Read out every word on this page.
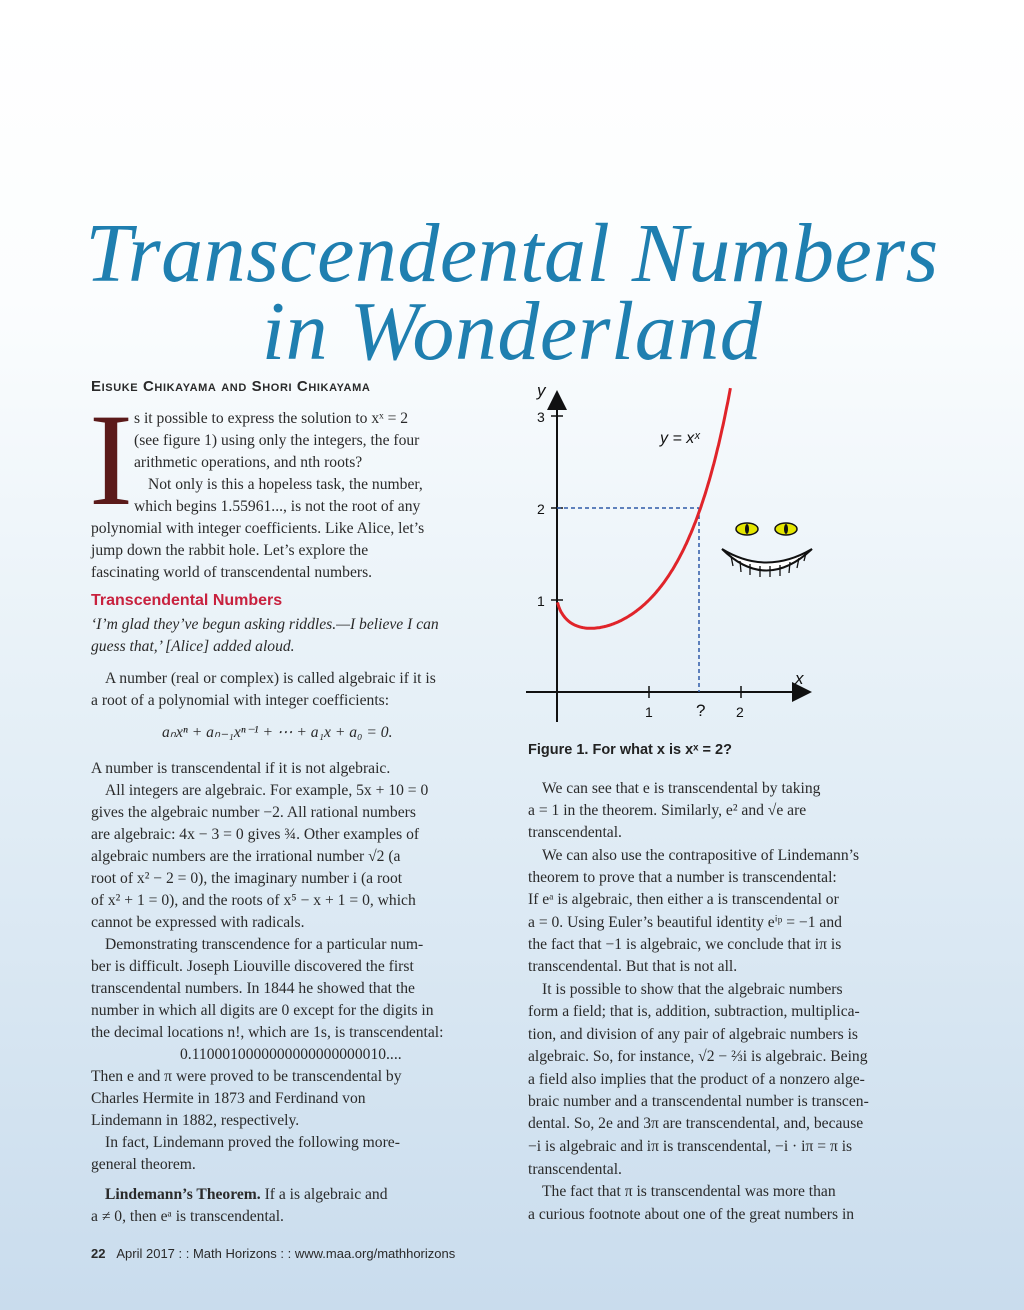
Transcendental Numbers
in Wonderland
Eisuke Chikayama and Shori Chikayama
I s it possible to express the solution to xˣ = 2
(see figure 1) using only the integers, the four
arithmetic operations, and nth roots?
Not only is this a hopeless task, the number,
which begins 1.55961..., is not the root of any
polynomial with integer coefficients. Like Alice, let’s
jump down the rabbit hole. Let’s explore the
fascinating world of transcendental numbers.
Transcendental Numbers
‘I’m glad they’ve begun asking riddles.—I believe I can
guess that,’ [Alice] added aloud.
A number (real or complex) is called algebraic if it is
a root of a polynomial with integer coefficients:
aₙxⁿ + aₙ₋₁xⁿ⁻¹ + ⋯ + a₁x + a₀ = 0.
A number is transcendental if it is not algebraic.
All integers are algebraic. For example, 5x + 10 = 0
gives the algebraic number −2. All rational numbers
are algebraic: 4x − 3 = 0 gives ¾. Other examples of
algebraic numbers are the irrational number √2 (a
root of x² − 2 = 0), the imaginary number i (a root
of x² + 1 = 0), and the roots of x⁵ − x + 1 = 0, which
cannot be expressed with radicals.
Demonstrating transcendence for a particular num-
ber is difficult. Joseph Liouville discovered the first
transcendental numbers. In 1844 he showed that the
number in which all digits are 0 except for the digits in
the decimal locations n!, which are 1s, is transcendental:
0.1100010000000000000000010....
Then e and π were proved to be transcendental by
Charles Hermite in 1873 and Ferdinand von
Lindemann in 1882, respectively.
In fact, Lindemann proved the following more-
general theorem.
Lindemann’s Theorem. If a is algebraic and
a ≠ 0, then eᵃ is transcendental.
3
2
1
1	? 2
y
x
y = xˣ
Figure 1. For what x is xˣ = 2?
We can see that e is transcendental by taking
a = 1 in the theorem. Similarly, e² and √e are
transcendental.
We can also use the contrapositive of Lindemann’s
theorem to prove that a number is transcendental:
If eᵃ is algebraic, then either a is transcendental or
a = 0. Using Euler’s beautiful identity eⁱᵖ = −1 and
the fact that −1 is algebraic, we conclude that iπ is
transcendental. But that is not all.
It is possible to show that the algebraic numbers
form a field; that is, addition, subtraction, multiplica-
tion, and division of any pair of algebraic numbers is
algebraic. So, for instance, √2 − ⅔i is algebraic. Being
a field also implies that the product of a nonzero alge-
braic number and a transcendental number is transcen-
dental. So, 2e and 3π are transcendental, and, because
−i is algebraic and iπ is transcendental, −i · iπ = π is
transcendental.
The fact that π is transcendental was more than
a curious footnote about one of the great numbers in
22 April 2017 : : Math Horizons : : www.maa.org/mathhorizons
